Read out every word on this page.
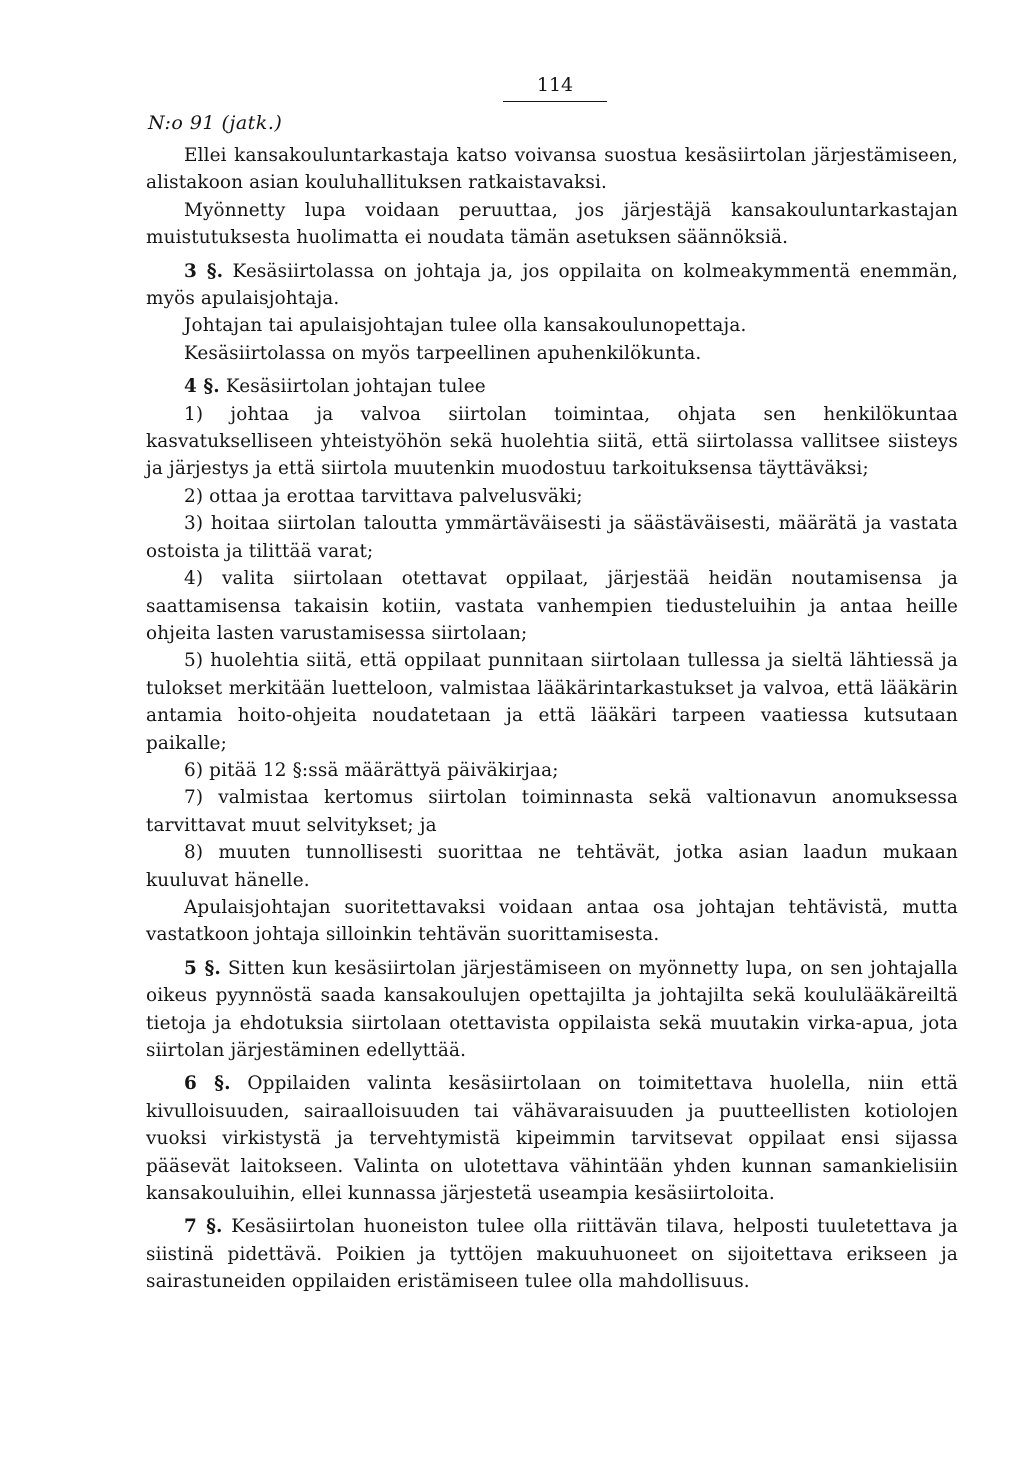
N:o 91 (jatk.)
114

Ellei kansakouluntarkastaja katso voivansa suostua kesäsiirtolan järjestämiseen, alistakoon asian kouluhallituksen ratkaistavaksi.

Myönnetty lupa voidaan peruuttaa, jos järjestäjä kansakouluntarkastajan muistutuksesta huolimatta ei noudata tämän asetuksen säännöksiä.

3 §. Kesäsiirtolassa on johtaja ja, jos oppilaita on kolmeakymmentä enemmän, myös apulaisjohtaja.

Johtajan tai apulaisjohtajan tulee olla kansakoulunopettaja.

Kesäsiirtolassa on myös tarpeellinen apuhenkilökunta.

4 §. Kesäsiirtolan johtajan tulee

1) johtaa ja valvoa siirtolan toimintaa, ohjata sen henkilökuntaa kasvatukselliseen yhteistyöhön sekä huolehtia siitä, että siirtolassa vallitsee siisteys ja järjestys ja että siirtola muutenkin muodostuu tarkoituksensa täyttäväksi;

2) ottaa ja erottaa tarvittava palvelusväki;

3) hoitaa siirtolan taloutta ymmärtäväisesti ja säästäväisesti, määrätä ja vastata ostoista ja tilittää varat;

4) valita siirtolaan otettavat oppilaat, järjestää heidän noutamisensa ja saattamisensa takaisin kotiin, vastata vanhempien tiedusteluihin ja antaa heille ohjeita lasten varustamisessa siirtolaan;

5) huolehtia siitä, että oppilaat punnitaan siirtolaan tullessa ja sieltä lähtiessä ja tulokset merkitään luetteloon, valmistaa lääkärintarkastukset ja valvoa, että lääkärin antamia hoito-ohjeita noudatetaan ja että lääkäri tarpeen vaatiessa kutsutaan paikalle;

6) pitää 12 §:ssä määrättyä päiväkirjaa;

7) valmistaa kertomus siirtolan toiminnasta sekä valtionavun anomuksessa tarvittavat muut selvitykset; ja

8) muuten tunnollisesti suorittaa ne tehtävät, jotka asian laadun mukaan kuuluvat hänelle.

Apulaisjohtajan suoritettavaksi voidaan antaa osa johtajan tehtävistä, mutta vastatkoon johtaja silloinkin tehtävän suorittamisesta.

5 §. Sitten kun kesäsiirtolan järjestämiseen on myönnetty lupa, on sen johtajalla oikeus pyynnöstä saada kansakoulujen opettajilta ja johtajilta sekä koululääkäreiltä tietoja ja ehdotuksia siirtolaan otettavista oppilaista sekä muutakin virka-apua, jota siirtolan järjestäminen edellyttää.

6 §. Oppilaiden valinta kesäsiirtolaan on toimitettava huolella, niin että kivulloisuuden, sairaalloisuuden tai vähävaraisuuden ja puutteellisten kotiolojen vuoksi virkistystä ja tervehtymistä kipeimmin tarvitsevat oppilaat ensi sijassa pääsevät laitokseen. Valinta on ulotettava vähintään yhden kunnan samankielisiin kansakouluihin, ellei kunnassa järjestetä useampia kesäsiirtoloita.

7 §. Kesäsiirtolan huoneiston tulee olla riittävän tilava, helposti tuuletettava ja siistinä pidettävä. Poikien ja tyttöjen makuuhuoneet on sijoitettava erikseen ja sairastuneiden oppilaiden eristämiseen tulee olla mahdollisuus.
